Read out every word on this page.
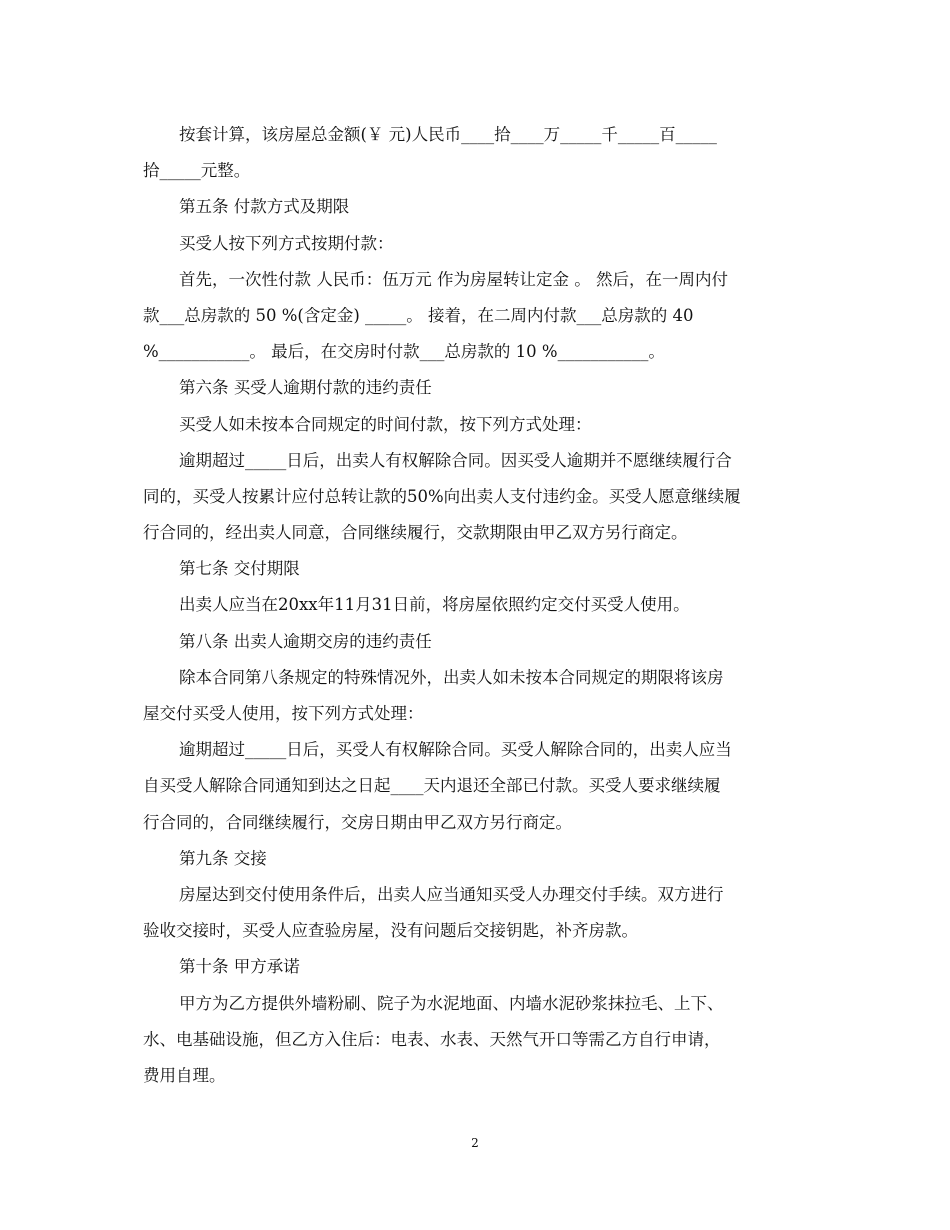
按套计算，该房屋总金额(￥ 元)人民币____拾____万_____千_____百_____
拾_____元整。
第五条 付款方式及期限
买受人按下列方式按期付款：
首先，一次性付款 人民币：伍万元 作为房屋转让定金 。 然后，在一周内付
款___总房款的 50 %(含定金) _____。 接着，在二周内付款___总房款的 40
%___________。 最后，在交房时付款___总房款的 10 %___________。
第六条 买受人逾期付款的违约责任
买受人如未按本合同规定的时间付款，按下列方式处理：
逾期超过_____日后，出卖人有权解除合同。因买受人逾期并不愿继续履行合
同的，买受人按累计应付总转让款的50%向出卖人支付违约金。买受人愿意继续履
行合同的，经出卖人同意，合同继续履行，交款期限由甲乙双方另行商定。
第七条 交付期限
出卖人应当在20xx年11月31日前，将房屋依照约定交付买受人使用。
第八条 出卖人逾期交房的违约责任
除本合同第八条规定的特殊情况外，出卖人如未按本合同规定的期限将该房
屋交付买受人使用，按下列方式处理：
逾期超过_____日后，买受人有权解除合同。买受人解除合同的，出卖人应当
自买受人解除合同通知到达之日起____天内退还全部已付款。买受人要求继续履
行合同的，合同继续履行，交房日期由甲乙双方另行商定。
第九条 交接
房屋达到交付使用条件后，出卖人应当通知买受人办理交付手续。双方进行
验收交接时，买受人应查验房屋，没有问题后交接钥匙，补齐房款。
第十条 甲方承诺
甲方为乙方提供外墙粉刷、院子为水泥地面、内墙水泥砂浆抹拉毛、上下、
水、电基础设施，但乙方入住后：电表、水表、天然气开口等需乙方自行申请，
费用自理。
2
